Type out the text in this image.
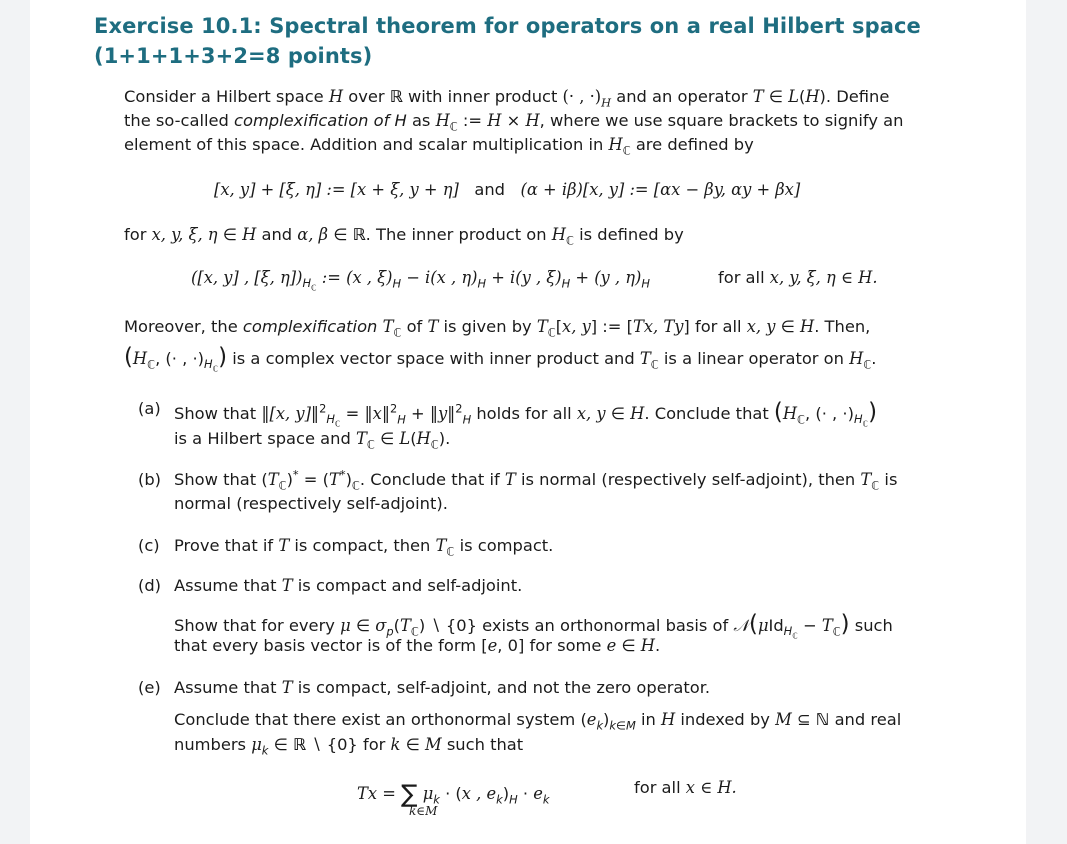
Exercise 10.1: Spectral theorem for operators on a real Hilbert space
(1+1+1+3+2=8 points)
Consider a Hilbert space H over ℝ with inner product (· , $\cdot)_H$ and an operator T ∈ L(H). Define
the so-called complexification of H as $H_ℂ$ := H × H, where we use square brackets to signify an
element of this space. Addition and scalar multiplication in $H_ℂ$ are defined by
[x, y] + [ξ, η] := [x + ξ, y + η] and (α + iβ)[x, y] := [αx − βy, αy + βx]
for x, y, ξ, η ∈ H and α, β ∈ ℝ. The inner product on $H_ℂ$ is defined by
([x, y] , [ξ, $\eta])_{H_ℂ}$ := (x , $\xi)_H - i(x$ , $\eta)_H + i(y$ , $\xi)_H + (y$ , $\eta)_H$	for all x, y, ξ, η ∈ H.
Moreover, the complexification $T_ℂ$ of T is given by $T_ℂ[x$, y] := [Tx, Ty] for all x, y ∈ H. Then,
($H_ℂ$, (· , $\cdot)_{H_ℂ}$) is a complex vector space with inner product and $T_ℂ$ is a linear operator on $H_ℂ$.
(a) Show that ‖[x, y]‖$^2_{H_ℂ}$ = ‖x‖$^2_H$ + ‖y‖$^2_H$ holds for all x, y ∈ H. Conclude that ($H_ℂ$, (· , $\cdot)_{H_ℂ}$)
is a Hilbert space and $T_ℂ$ ∈ $L(H_ℂ)$.
(b) Show that $(T_ℂ)^* = (T^*)_ℂ$. Conclude that if T is normal (respectively self-adjoint), then $T_ℂ$ is
normal (respectively self-adjoint).
(c) Prove that if T is compact, then $T_ℂ$ is compact.
(d) Assume that T is compact and self-adjoint.
Show that for every μ ∈ $\sigma_p(T_ℂ)$ ∖ {0} exists an orthonormal basis of 𝒩(μId$_{H_ℂ}$ − $T_ℂ$) such
that every basis vector is of the form [e, 0] for some e ∈ H.
(e) Assume that T is compact, self-adjoint, and not the zero operator.
Conclude that there exist an orthonormal system $(e_k)_{k\in M}$ in H indexed by M ⊆ ℕ and real
numbers $\mu_k$ ∈ ℝ ∖ {0} for k ∈ M such that
Tx = ∑ $\mu_k \cdot (x$ , $e_k)_H \cdot e_k$
k∈M
for all x ∈ H.
